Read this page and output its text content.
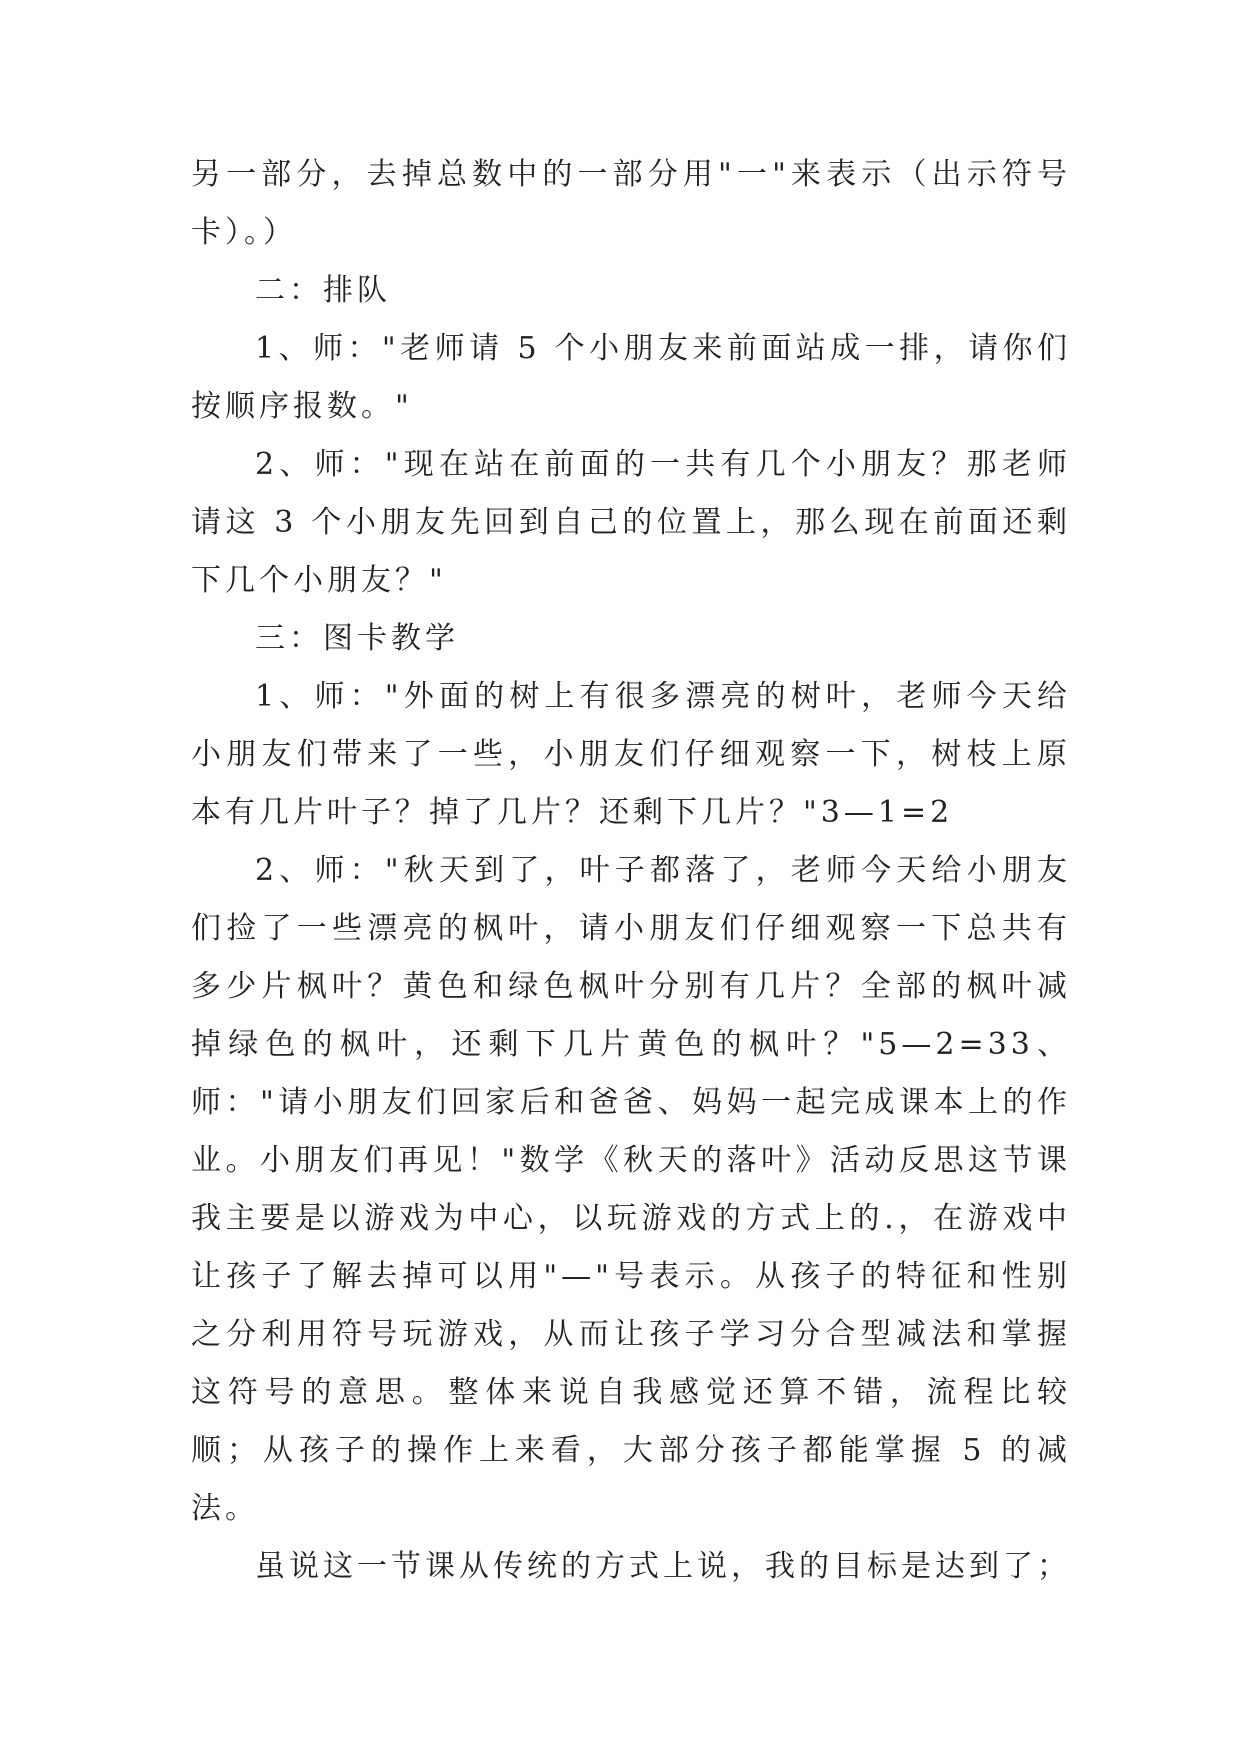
另一部分，去掉总数中的一部分用"一"来表示（出示符号卡）。）

二：排队

1、师："老师请 5 个小朋友来前面站成一排，请你们按顺序报数。"

2、师："现在站在前面的一共有几个小朋友？那老师请这 3 个小朋友先回到自己的位置上，那么现在前面还剩下几个小朋友？"

三：图卡教学

1、师："外面的树上有很多漂亮的树叶，老师今天给小朋友们带来了一些，小朋友们仔细观察一下，树枝上原本有几片叶子？掉了几片？还剩下几片？"3—1=2

2、师："秋天到了，叶子都落了，老师今天给小朋友们捡了一些漂亮的枫叶，请小朋友们仔细观察一下总共有多少片枫叶？黄色和绿色枫叶分别有几片？全部的枫叶减掉绿色的枫叶，还剩下几片黄色的枫叶？"5—2=33、师："请小朋友们回家后和爸爸、妈妈一起完成课本上的作业。小朋友们再见！"数学《秋天的落叶》活动反思这节课我主要是以游戏为中心，以玩游戏的方式上的.，在游戏中让孩子了解去掉可以用"—"号表示。从孩子的特征和性别之分利用符号玩游戏，从而让孩子学习分合型减法和掌握这符号的意思。整体来说自我感觉还算不错，流程比较顺；从孩子的操作上来看，大部分孩子都能掌握 5 的减法。

虽说这一节课从传统的方式上说，我的目标是达到了；
